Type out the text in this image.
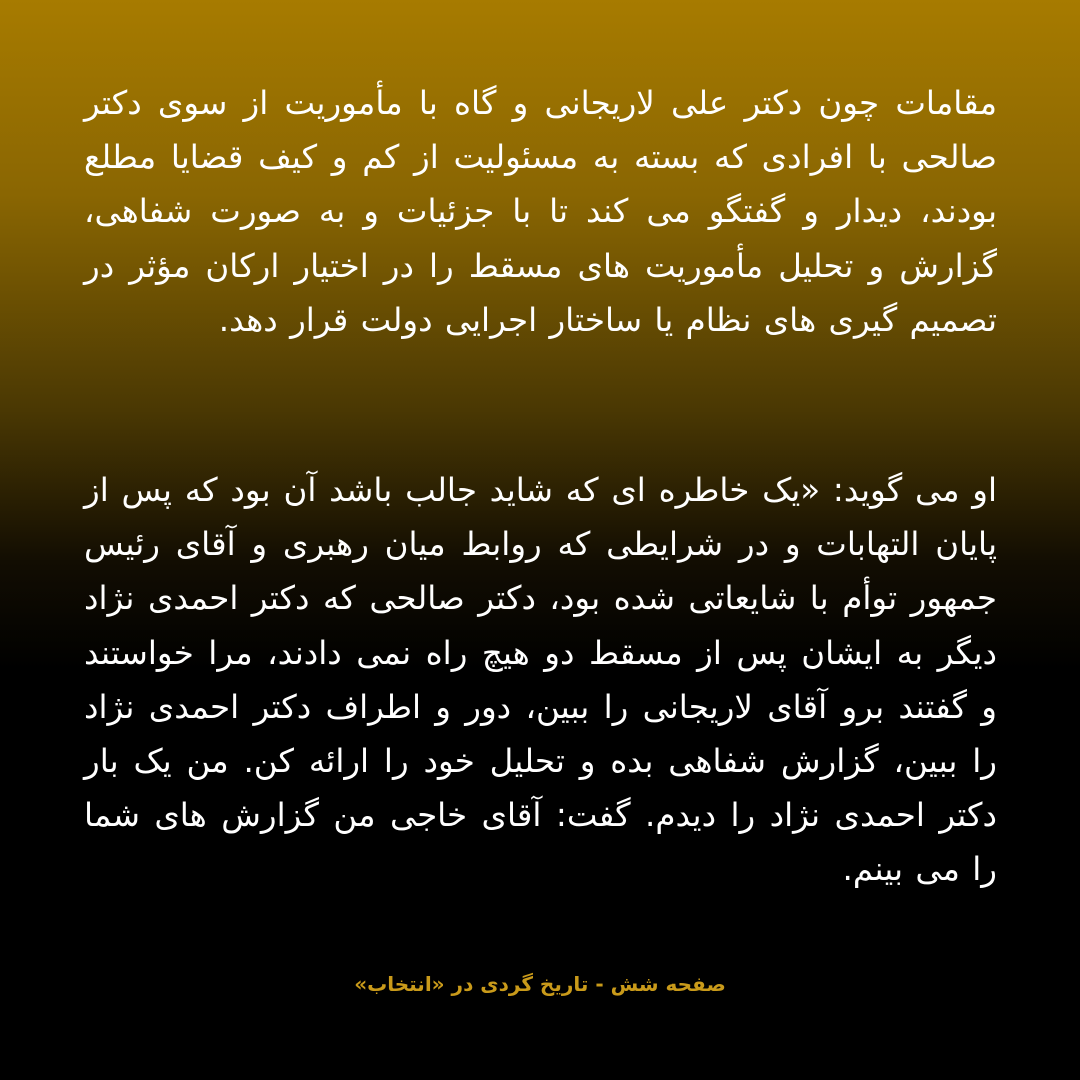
مقامات چون دکتر علی لاریجانی و گاه با مأموریت از سوی دکتر صالحی با افرادی که بسته به مسئولیت از کم و کیف قضایا مطلع بودند، دیدار و گفتگو می کند تا با جزئیات و به صورت شفاهی، گزارش و تحلیل مأموریت های مسقط را در اختیار ارکان مؤثر در تصمیم گیری های نظام یا ساختار اجرایی دولت قرار دهد.

او می گوید: «یک خاطره ای که شاید جالب باشد آن بود که پس از پایان التهابات و در شرایطی که روابط میان رهبری و آقای رئیس جمهور توأم با شایعاتی شده بود، دکتر صالحی که دکتر احمدی نژاد دیگر به ایشان پس از مسقط دو هیچ راه نمی دادند، مرا خواستند و گفتند برو آقای لاریجانی را ببین، دور و اطراف دکتر احمدی نژاد را ببین، گزارش شفاهی بده و تحلیل خود را ارائه کن. من یک بار دکتر احمدی نژاد را دیدم. گفت: آقای خاجی من گزارش های شما را می بینم.

صفحه شش - تاریخ گردی در «انتخاب»
